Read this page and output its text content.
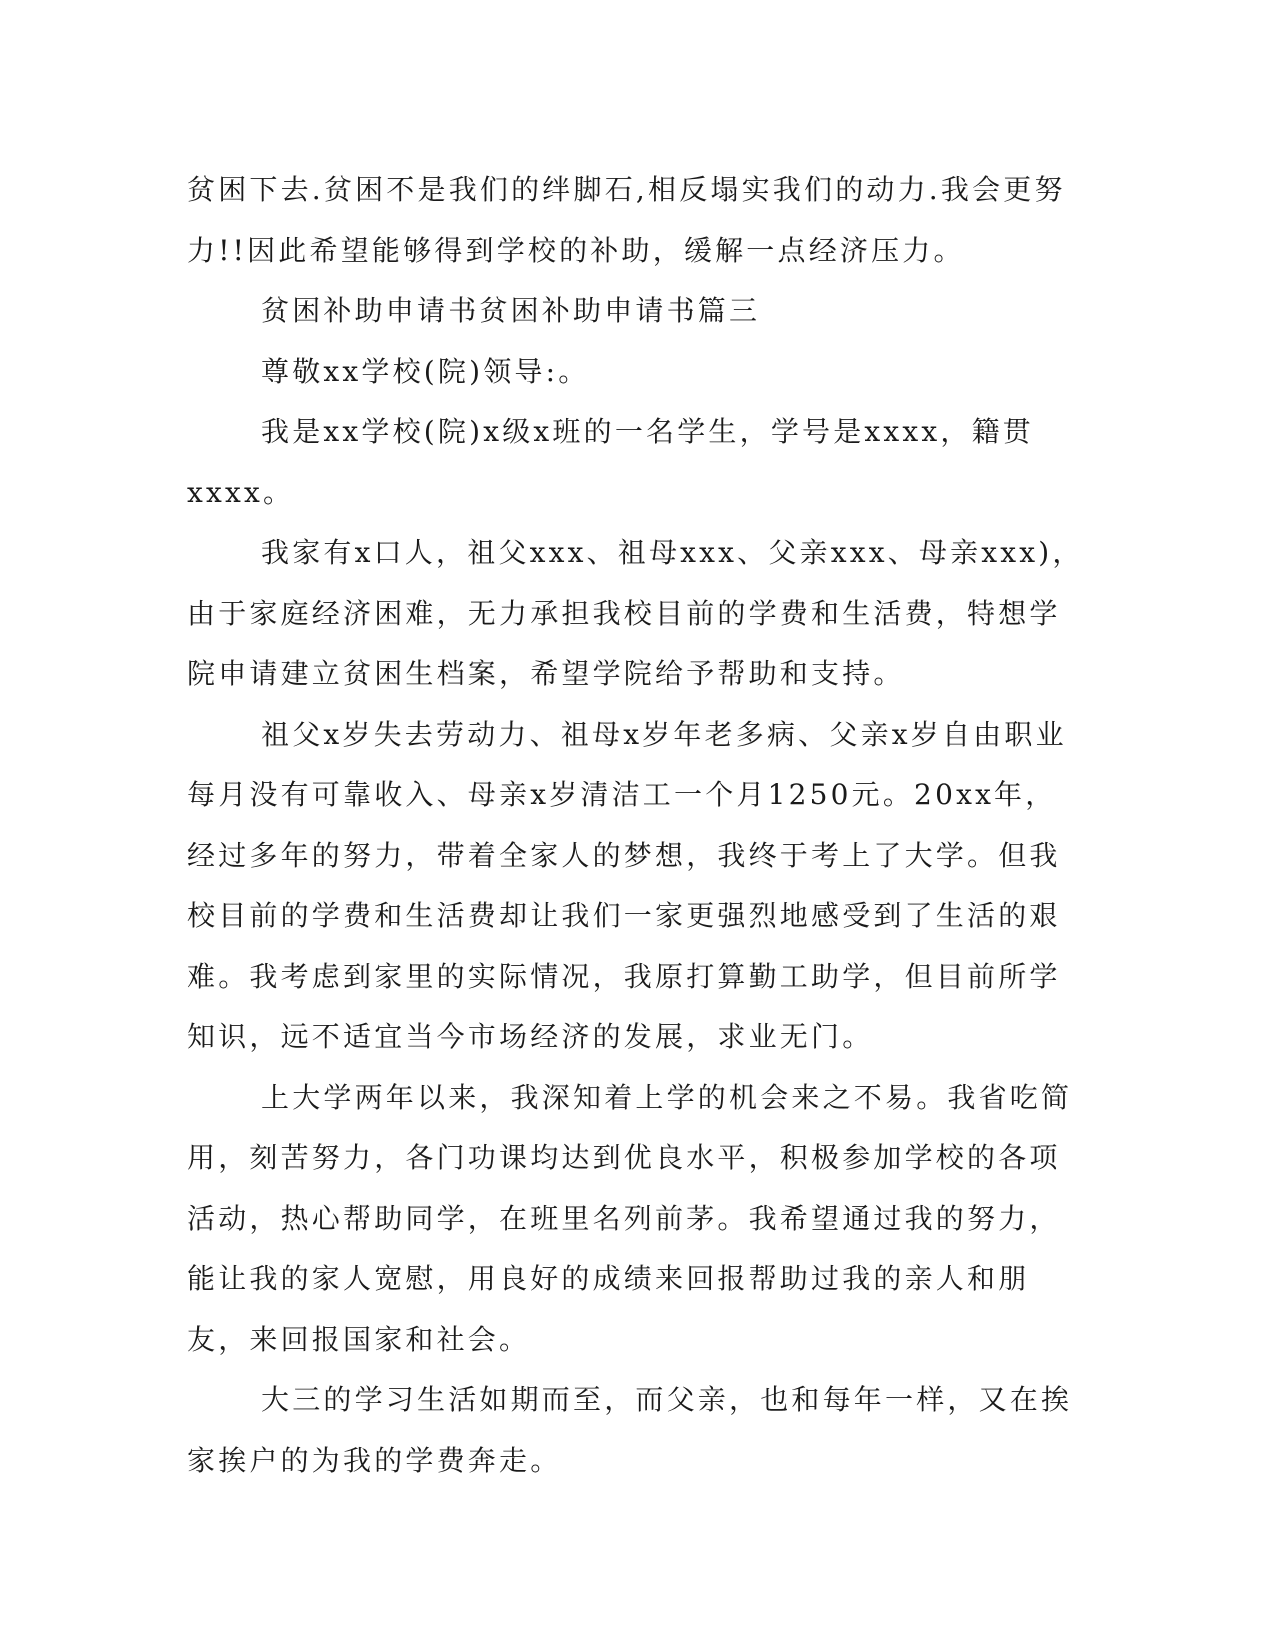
贫困下去.贫困不是我们的绊脚石,相反塌实我们的动力.我会更努力!!因此希望能够得到学校的补助，缓解一点经济压力。

贫困补助申请书贫困补助申请书篇三

尊敬xx学校(院)领导:。

我是xx学校(院)x级x班的一名学生，学号是xxxx，籍贯xxxx。

我家有x口人，祖父xxx、祖母xxx、父亲xxx、母亲xxx)，由于家庭经济困难，无力承担我校目前的学费和生活费，特想学院申请建立贫困生档案，希望学院给予帮助和支持。

祖父x岁失去劳动力、祖母x岁年老多病、父亲x岁自由职业每月没有可靠收入、母亲x岁清洁工一个月1250元。20xx年，经过多年的努力，带着全家人的梦想，我终于考上了大学。但我校目前的学费和生活费却让我们一家更强烈地感受到了生活的艰难。我考虑到家里的实际情况，我原打算勤工助学，但目前所学知识，远不适宜当今市场经济的发展，求业无门。

上大学两年以来，我深知着上学的机会来之不易。我省吃简用，刻苦努力，各门功课均达到优良水平，积极参加学校的各项活动，热心帮助同学，在班里名列前茅。我希望通过我的努力，能让我的家人宽慰，用良好的成绩来回报帮助过我的亲人和朋友，来回报国家和社会。

大三的学习生活如期而至，而父亲，也和每年一样，又在挨家挨户的为我的学费奔走。
